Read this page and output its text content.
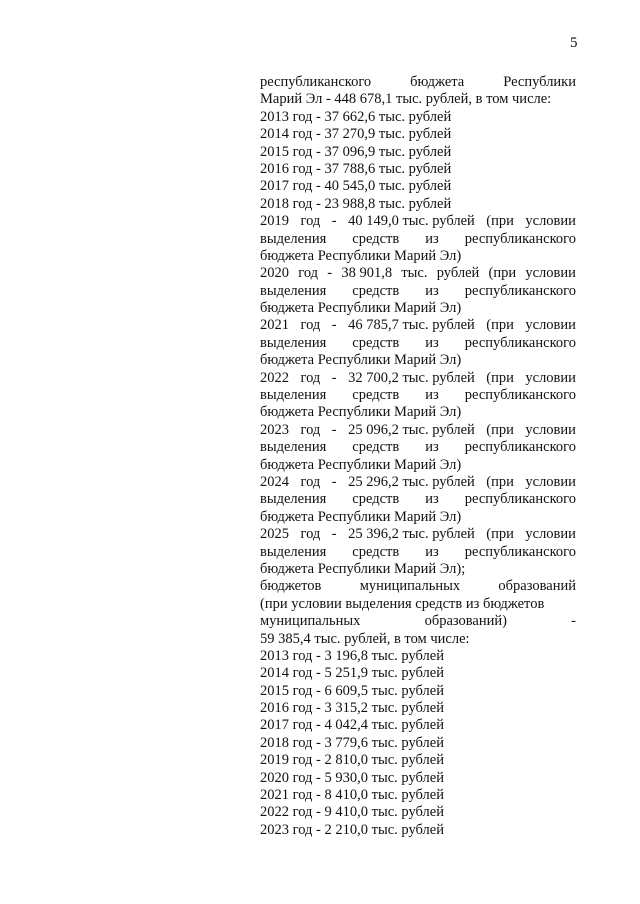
5
республиканского	бюджета	Республики
Марий Эл - 448 678,1 тыс. рублей, в том числе:
2013 год - 37 662,6 тыс. рублей
2014 год - 37 270,9 тыс. рублей
2015 год - 37 096,9 тыс. рублей
2016 год - 37 788,6 тыс. рублей
2017 год - 40 545,0 тыс. рублей
2018 год - 23 988,8 тыс. рублей
2019 год - 40 149,0 тыс. рублей (при условии
выделения средств из республиканского
бюджета Республики Марий Эл)
2020 год - 38 901,8 тыс. рублей (при условии
выделения средств из республиканского
бюджета Республики Марий Эл)
2021 год - 46 785,7 тыс. рублей (при условии
выделения средств из республиканского
бюджета Республики Марий Эл)
2022 год - 32 700,2 тыс. рублей (при условии
выделения средств из республиканского
бюджета Республики Марий Эл)
2023 год - 25 096,2 тыс. рублей (при условии
выделения средств из республиканского
бюджета Республики Марий Эл)
2024 год - 25 296,2 тыс. рублей (при условии
выделения средств из республиканского
бюджета Республики Марий Эл)
2025 год - 25 396,2 тыс. рублей (при условии
выделения средств из республиканского
бюджета Республики Марий Эл);
бюджетов	муниципальных	образований
(при условии выделения средств из бюджетов
муниципальных	образований)	-
59 385,4 тыс. рублей, в том числе:
2013 год - 3 196,8 тыс. рублей
2014 год - 5 251,9 тыс. рублей
2015 год - 6 609,5 тыс. рублей
2016 год - 3 315,2 тыс. рублей
2017 год - 4 042,4 тыс. рублей
2018 год - 3 779,6 тыс. рублей
2019 год - 2 810,0 тыс. рублей
2020 год - 5 930,0 тыс. рублей
2021 год - 8 410,0 тыс. рублей
2022 год - 9 410,0 тыс. рублей
2023 год - 2 210,0 тыс. рублей
